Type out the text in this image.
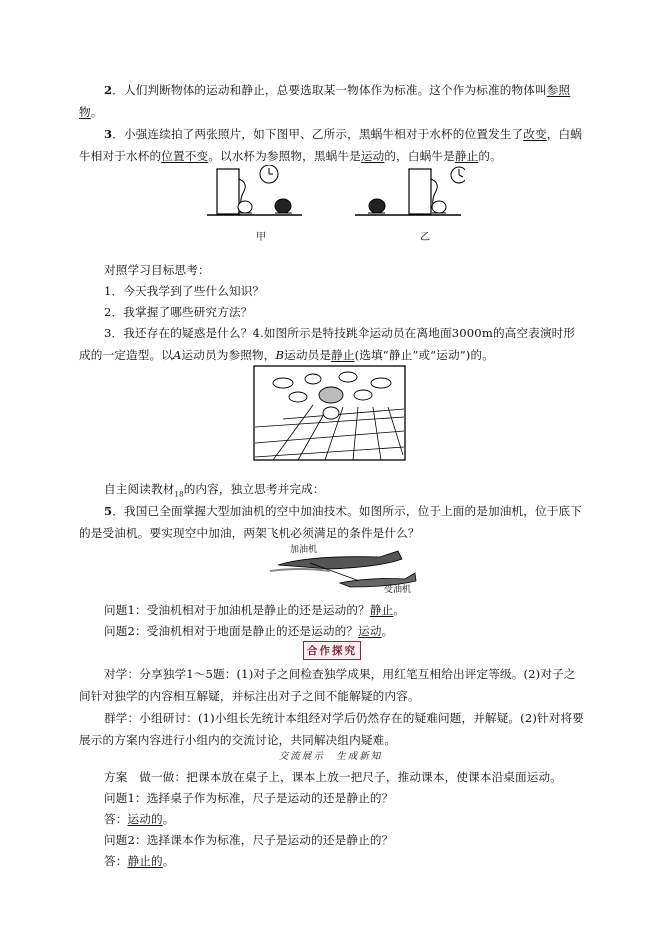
2．人们判断物体的运动和静止，总要选取某一物体作为标准。这个作为标准的物体叫参照
物。

3．小强连续拍了两张照片，如下图甲、乙所示，黑蜗牛相对于水杯的位置发生了改变，白蜗牛相对于水杯的位置不变。以水杯为参照物，黑蜗牛是运动的，白蜗牛是静止的。

甲	乙

对照学习目标思考：

1．今天我学到了些什么知识？

2．我掌握了哪些研究方法？

3．我还存在的疑惑是什么？4.如图所示是特技跳伞运动员在离地面3000m的高空表演时形成的一定造型。以A运动员为参照物，B运动员是静止(选填“静止”或“运动”)的。

自主阅读教材$_{18}$的内容，独立思考并完成：

5．我国已全面掌握大型加油机的空中加油技术。如图所示，位于上面的是加油机，位于底下的是受油机。要实现空中加油，两架飞机必须满足的条件是什么？

加油机
受油机

问题1：受油机相对于加油机是静止的还是运动的？静止。

问题2：受油机相对于地面是静止的还是运动的？运动。

合作探究

对学：分享独学1～5题：(1)对子之间检查独学成果，用红笔互相给出评定等级。(2)对子之间针对独学的内容相互解疑，并标注出对子之间不能解疑的内容。

群学：小组研讨：(1)小组长先统计本组经对学后仍然存在的疑难问题，并解疑。(2)针对将要展示的方案内容进行小组内的交流讨论，共同解决组内疑难。

交流展示　生成新知

方案　 做一做：把课本放在桌子上，课本上放一把尺子，推动课本，使课本沿桌面运动。

问题1：选择桌子作为标准，尺子是运动的还是静止的？

答：运动的。

问题2：选择课本作为标准，尺子是运动的还是静止的？

答：静止的。
